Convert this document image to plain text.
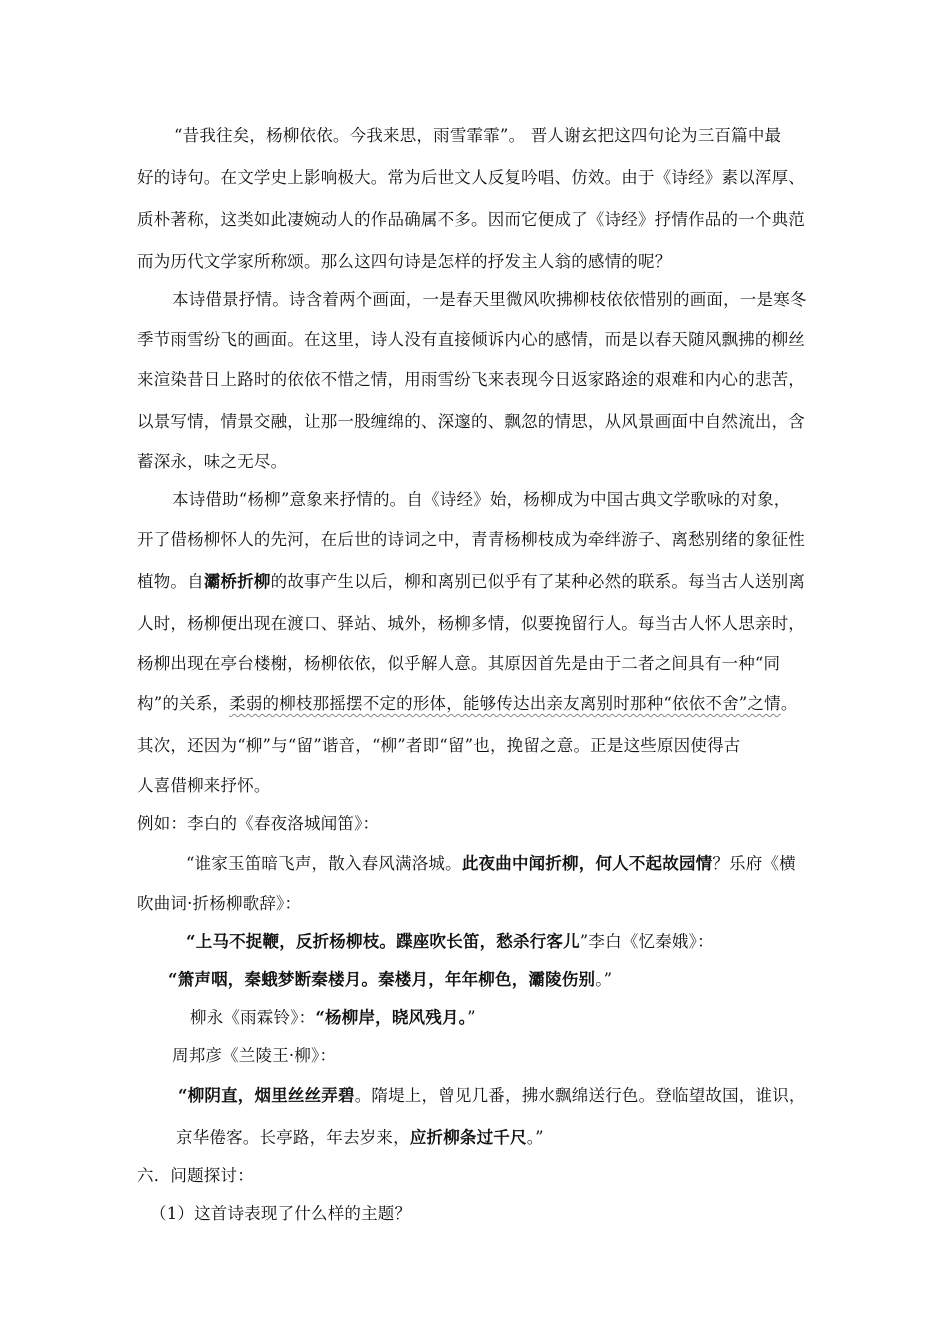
“昔我往矣，杨柳依依。今我来思，雨雪霏霏”。 晋人谢玄把这四句论为三百篇中最
好的诗句。在文学史上影响极大。常为后世文人反复吟唱、仿效。由于《诗经》素以浑厚、
质朴著称，这类如此凄婉动人的作品确属不多。因而它便成了《诗经》抒情作品的一个典范
而为历代文学家所称颂。那么这四句诗是怎样的抒发主人翁的感情的呢？
本诗借景抒情。诗含着两个画面，一是春天里微风吹拂柳枝依依惜别的画面，一是寒冬
季节雨雪纷飞的画面。在这里，诗人没有直接倾诉内心的感情，而是以春天随风飘拂的柳丝
来渲染昔日上路时的依依不惜之情，用雨雪纷飞来表现今日返家路途的艰难和内心的悲苦，
以景写情，情景交融，让那一股缠绵的、深邃的、飘忽的情思，从风景画面中自然流出，含
蓄深永，味之无尽。
本诗借助“杨柳”意象来抒情的。自《诗经》始，杨柳成为中国古典文学歌咏的对象，
开了借杨柳怀人的先河，在后世的诗词之中，青青杨柳枝成为牵绊游子、离愁别绪的象征性
植物。自灞桥折柳的故事产生以后，柳和离别已似乎有了某种必然的联系。每当古人送别离
人时，杨柳便出现在渡口、驿站、城外，杨柳多情，似要挽留行人。每当古人怀人思亲时，
杨柳出现在亭台楼榭，杨柳依依，似乎解人意。其原因首先是由于二者之间具有一种“同
构”的关系，柔弱的柳枝那摇摆不定的形体，能够传达出亲友离别时那种“依依不舍”之情。
其次，还因为“柳”与“留”谐音，“柳”者即“留”也，挽留之意。正是这些原因使得古
人喜借柳来抒怀。
例如：李白的《春夜洛城闻笛》：
“谁家玉笛暗飞声，散入春风满洛城。此夜曲中闻折柳，何人不起故园情？乐府《横
吹曲词·折杨柳歌辞》：
“上马不捉鞭，反折杨柳枝。蹀座吹长笛，愁杀行客儿”李白《忆秦娥》：
“箫声咽，秦蛾梦断秦楼月。秦楼月，年年柳色，灞陵伤别。”
柳永《雨霖铃》：“杨柳岸，晓风残月。”
周邦彦《兰陵王·柳》：
“柳阴直，烟里丝丝弄碧。隋堤上，曾见几番，拂水飘绵送行色。登临望故国，谁识，
京华倦客。长亭路，年去岁来，应折柳条过千尺。”
六．问题探讨：
（1）这首诗表现了什么样的主题？
